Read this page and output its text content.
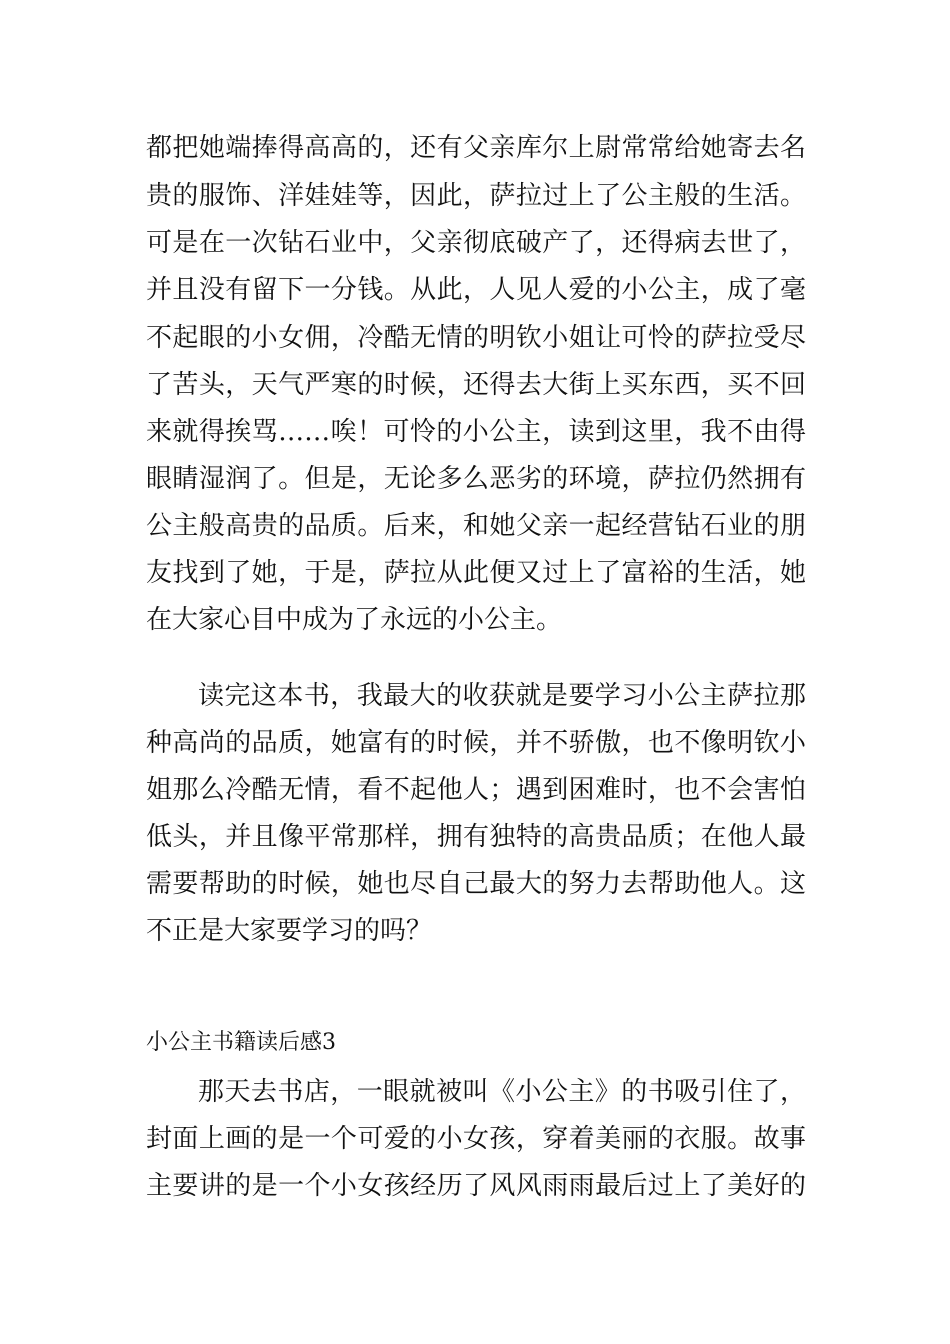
都把她端捧得高高的，还有父亲库尔上尉常常给她寄去名
贵的服饰、洋娃娃等，因此，萨拉过上了公主般的生活。
可是在一次钻石业中，父亲彻底破产了，还得病去世了，
并且没有留下一分钱。从此，人见人爱的小公主，成了毫
不起眼的小女佣，冷酷无情的明钦小姐让可怜的萨拉受尽
了苦头，天气严寒的时候，还得去大街上买东西，买不回
来就得挨骂……唉！可怜的小公主，读到这里，我不由得
眼睛湿润了。但是，无论多么恶劣的环境，萨拉仍然拥有
公主般高贵的品质。后来，和她父亲一起经营钻石业的朋
友找到了她，于是，萨拉从此便又过上了富裕的生活，她
在大家心目中成为了永远的小公主。
读完这本书，我最大的收获就是要学习小公主萨拉那
种高尚的品质，她富有的时候，并不骄傲，也不像明钦小
姐那么冷酷无情，看不起他人；遇到困难时，也不会害怕
低头，并且像平常那样，拥有独特的高贵品质；在他人最
需要帮助的时候，她也尽自己最大的努力去帮助他人。这
不正是大家要学习的吗？
小公主书籍读后感3
那天去书店，一眼就被叫《小公主》的书吸引住了，
封面上画的是一个可爱的小女孩，穿着美丽的衣服。故事
主要讲的是一个小女孩经历了风风雨雨最后过上了美好的
